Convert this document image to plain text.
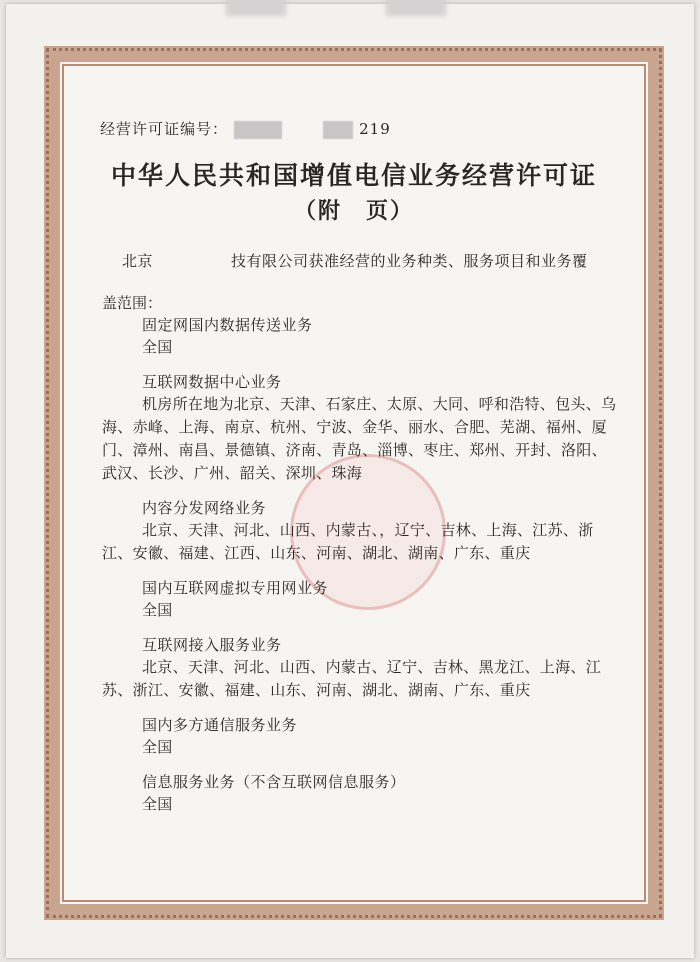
经营许可证编号：	219
中华人民共和国增值电信业务经营许可证
（附　页）
北京	技有限公司获准经营的业务种类、服务项目和业务覆
盖范围：
固定网国内数据传送业务
全国
互联网数据中心业务
机房所在地为北京、天津、石家庄、太原、大同、呼和浩特、包头、乌海、赤峰、上海、南京、杭州、宁波、金华、丽水、合肥、芜湖、福州、厦门、漳州、南昌、景德镇、济南、青岛、淄博、枣庄、郑州、开封、洛阳、武汉、长沙、广州、韶关、深圳、珠海
内容分发网络业务
北京、天津、河北、山西、内蒙古、，辽宁、吉林、上海、江苏、浙江、安徽、福建、江西、山东、河南、湖北、湖南、广东、重庆
国内互联网虚拟专用网业务
全国
互联网接入服务业务
北京、天津、河北、山西、内蒙古、辽宁、吉林、黑龙江、上海、江苏、浙江、安徽、福建、山东、河南、湖北、湖南、广东、重庆
国内多方通信服务业务
全国
信息服务业务（不含互联网信息服务）
全国
